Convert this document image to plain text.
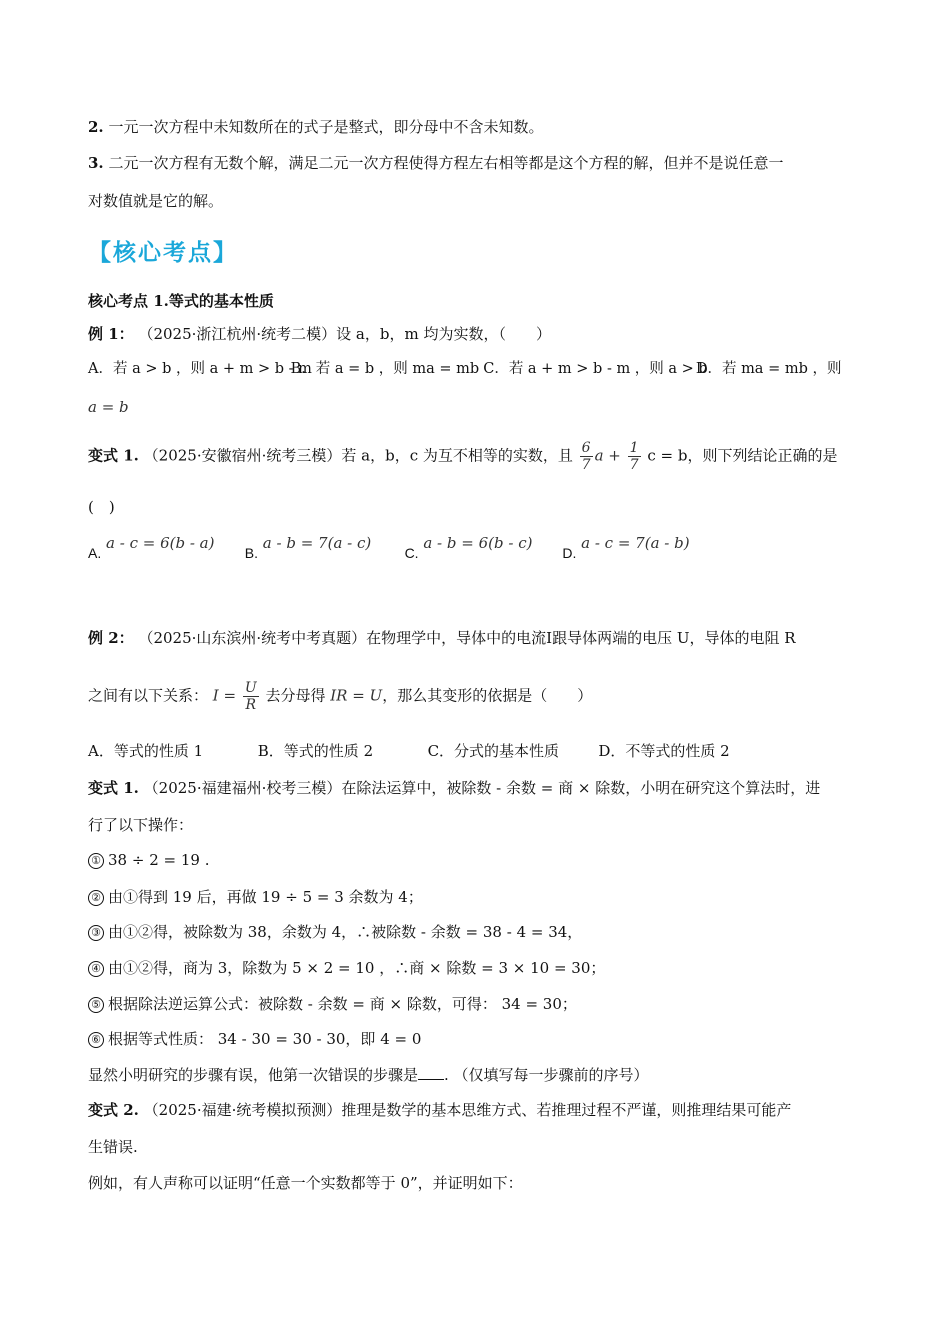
2. 一元一次方程中未知数所在的式子是整式，即分母中不含未知数。
3. 二元一次方程有无数个解，满足二元一次方程使得方程左右相等都是这个方程的解，但并不是说任意一
对数值就是它的解。
【核心考点】
核心考点 1.等式的基本性质
例 1： （2025·浙江杭州·统考二模）设 a，b，m 均为实数，（　　）
A．若 a > b ，则 a + m > b - m B．若 a = b ，则 ma = mb C．若 a + m > b - m ，则 a > b D．若 ma = mb ，则
a = b
变式 1. （2025·安徽宿州·统考三模）若 a，b，c 为互不相等的实数，且 $\frac{6}{7}$ $a + \frac{1}{7}$ c = b，则下列结论正确的是
(　)
A. a - c = 6(b - a) B. a - b = 7(a - c) C. a - b = 6(b - c) D. a - c = 7(a - b)
例 2： （2025·山东滨州·统考中考真题）在物理学中，导体中的电流Ⅰ跟导体两端的电压 U，导体的电阻 R
之间有以下关系： $I = \frac{U}{R}$ 去分母得 IR = U，那么其变形的依据是（　　）
A．等式的性质 1	B．等式的性质 2	C．分式的基本性质	D．不等式的性质 2
变式 1. （2025·福建福州·校考三模）在除法运算中，被除数 - 余数 = 商 × 除数，小明在研究这个算法时，进
行了以下操作：
① 38 ÷ 2 = 19 .
② 由①得到 19 后，再做 19 ÷ 5 = 3 余数为 4；
③ 由①②得，被除数为 38，余数为 4，∴被除数 - 余数 = 38 - 4 = 34，
④ 由①②得，商为 3，除数为 5 × 2 = 10 ，∴商 × 除数 = 3 × 10 = 30；
⑤ 根据除法逆运算公式：被除数 - 余数 = 商 × 除数，可得： 34 = 30；
⑥ 根据等式性质： 34 - 30 = 30 - 30，即 4 = 0
显然小明研究的步骤有误，他第一次错误的步骤是 . （仅填写每一步骤前的序号）
变式 2. （2025·福建·统考模拟预测）推理是数学的基本思维方式、若推理过程不严谨，则推理结果可能产
生错误.
例如，有人声称可以证明“任意一个实数都等于 0”，并证明如下：
